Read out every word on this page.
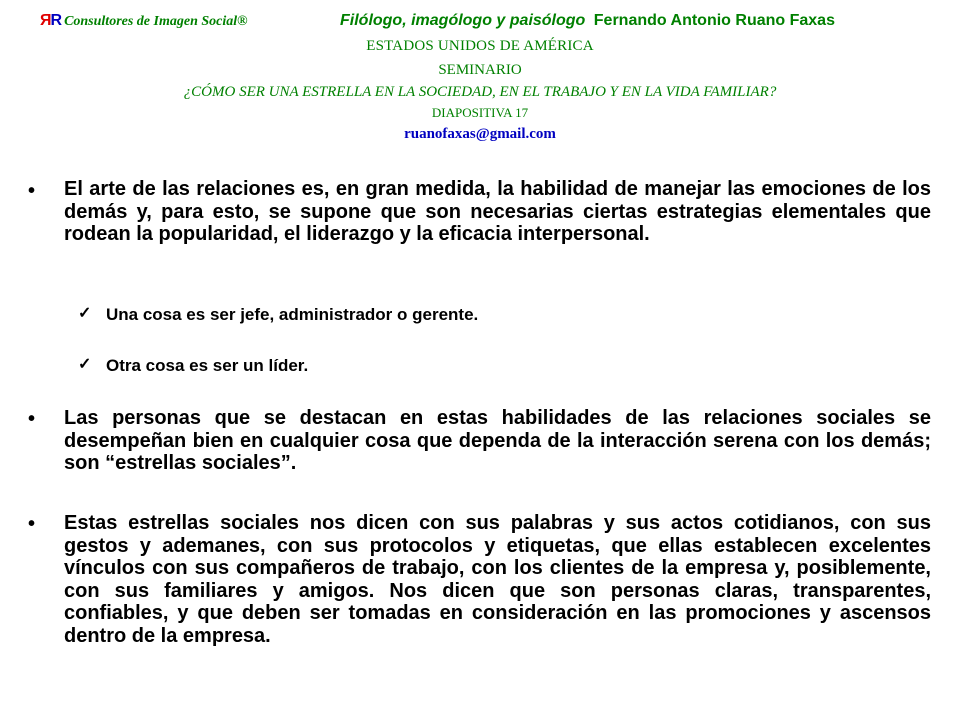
ЯR Consultores de Imagen Social®	Filólogo, imagólogo y paisólogo Fernando Antonio Ruano Faxas
ESTADOS UNIDOS DE AMÉRICA
SEMINARIO
¿CÓMO SER UNA ESTRELLA EN LA SOCIEDAD, EN EL TRABAJO Y EN LA VIDA FAMILIAR?
DIAPOSITIVA 17
ruanofaxas@gmail.com
• El arte de las relaciones es, en gran medida, la habilidad de manejar las emociones de los demás y, para esto, se supone que son necesarias ciertas estrategias elementales que rodean la popularidad, el liderazgo y la eficacia interpersonal.
✓ Una cosa es ser jefe, administrador o gerente.
✓ Otra cosa es ser un líder.
• Las personas que se destacan en estas habilidades de las relaciones sociales se desempeñan bien en cualquier cosa que dependa de la interacción serena con los demás; son “estrellas sociales”.
• Estas estrellas sociales nos dicen con sus palabras y sus actos cotidianos, con sus gestos y ademanes, con sus protocolos y etiquetas, que ellas establecen excelentes vínculos con sus compañeros de trabajo, con los clientes de la empresa y, posiblemente, con sus familiares y amigos. Nos dicen que son personas claras, transparentes, confiables, y que deben ser tomadas en consideración en las promociones y ascensos dentro de la empresa.
